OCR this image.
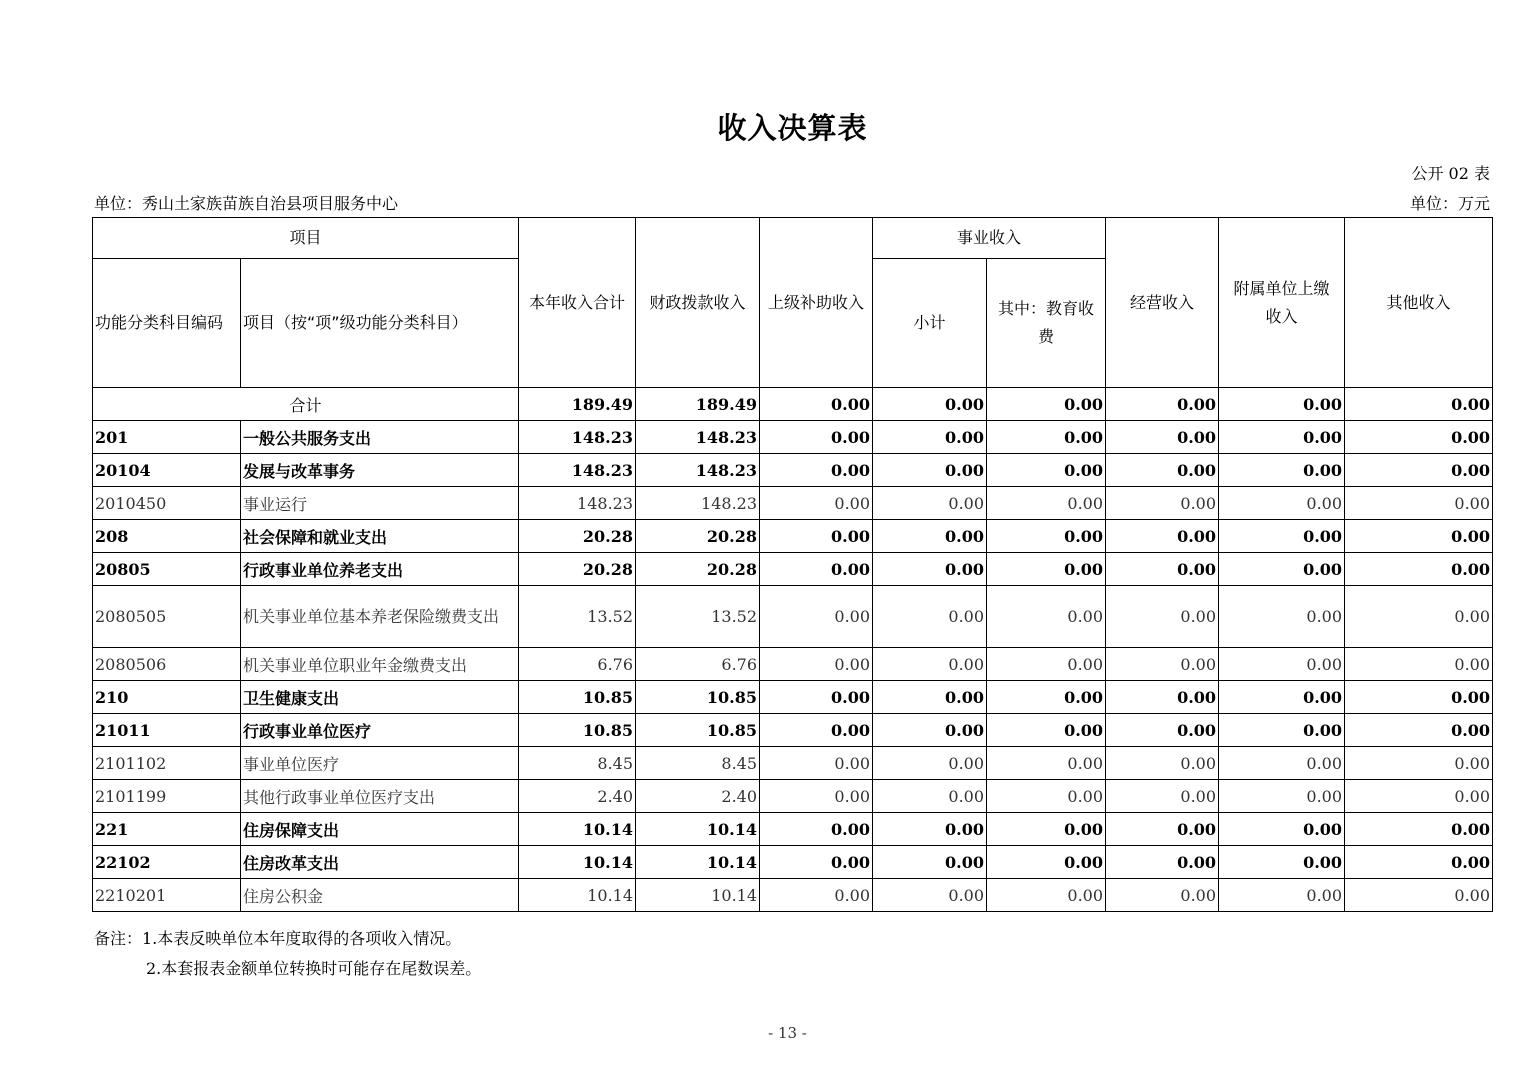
收入决算表
公开 02 表
单位：秀山土家族苗族自治县项目服务中心	单位：万元
项目		本年收入合计	财政拨款收入	上级补助收入	事业收入		经营收入	附属单位上缴收入	其他收入
功能分类科目编码	项目（按“项”级功能分类科目）				小计	其中：教育收费			

合计		189.49	189.49	0.00	0.00	0.00	0.00	0.00	0.00
201	一般公共服务支出	148.23	148.23	0.00	0.00	0.00	0.00	0.00	0.00
20104	发展与改革事务	148.23	148.23	0.00	0.00	0.00	0.00	0.00	0.00
2010450	事业运行	148.23	148.23	0.00	0.00	0.00	0.00	0.00	0.00
208	社会保障和就业支出	20.28	20.28	0.00	0.00	0.00	0.00	0.00	0.00
20805	行政事业单位养老支出	20.28	20.28	0.00	0.00	0.00	0.00	0.00	0.00
2080505	机关事业单位基本养老保险缴费支出	13.52	13.52	0.00	0.00	0.00	0.00	0.00	0.00
2080506	机关事业单位职业年金缴费支出	6.76	6.76	0.00	0.00	0.00	0.00	0.00	0.00
210	卫生健康支出	10.85	10.85	0.00	0.00	0.00	0.00	0.00	0.00
21011	行政事业单位医疗	10.85	10.85	0.00	0.00	0.00	0.00	0.00	0.00
2101102	事业单位医疗	8.45	8.45	0.00	0.00	0.00	0.00	0.00	0.00
2101199	其他行政事业单位医疗支出	2.40	2.40	0.00	0.00	0.00	0.00	0.00	0.00
221	住房保障支出	10.14	10.14	0.00	0.00	0.00	0.00	0.00	0.00
22102	住房改革支出	10.14	10.14	0.00	0.00	0.00	0.00	0.00	0.00
2210201	住房公积金	10.14	10.14	0.00	0.00	0.00	0.00	0.00	0.00
备注：1.本表反映单位本年度取得的各项收入情况。
2.本套报表金额单位转换时可能存在尾数误差。
- 13 -
